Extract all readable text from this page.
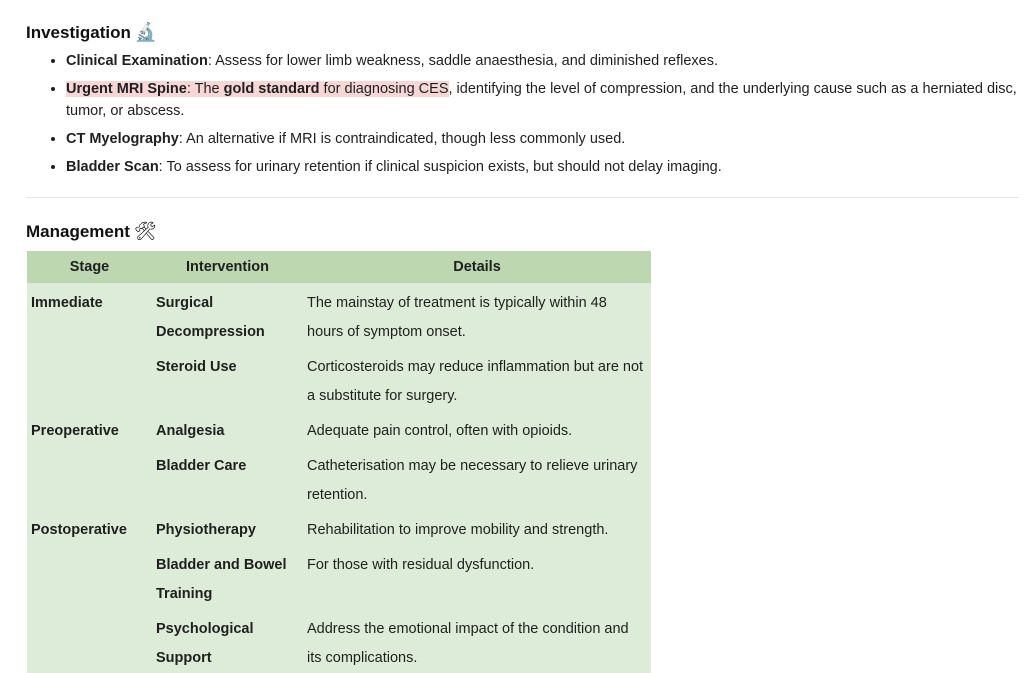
Investigation 🔬
• Clinical Examination: Assess for lower limb weakness, saddle anaesthesia, and diminished reflexes.
• Urgent MRI Spine: The gold standard for diagnosing CES, identifying the level of compression, and the underlying cause such as a herniated disc, tumor, or abscess.
• CT Myelography: An alternative if MRI is contraindicated, though less commonly used.
• Bladder Scan: To assess for urinary retention if clinical suspicion exists, but should not delay imaging.
Management 🛠
Stage	Intervention	Details
Immediate	Surgical Decompression	The mainstay of treatment is typically within 48 hours of symptom onset.
	Steroid Use	Corticosteroids may reduce inflammation but are not a substitute for surgery.
Preoperative	Analgesia	Adequate pain control, often with opioids.
	Bladder Care	Catheterisation may be necessary to relieve urinary retention.
Postoperative	Physiotherapy	Rehabilitation to improve mobility and strength.
	Bladder and Bowel Training	For those with residual dysfunction.
	Psychological Support	Address the emotional impact of the condition and its complications.
